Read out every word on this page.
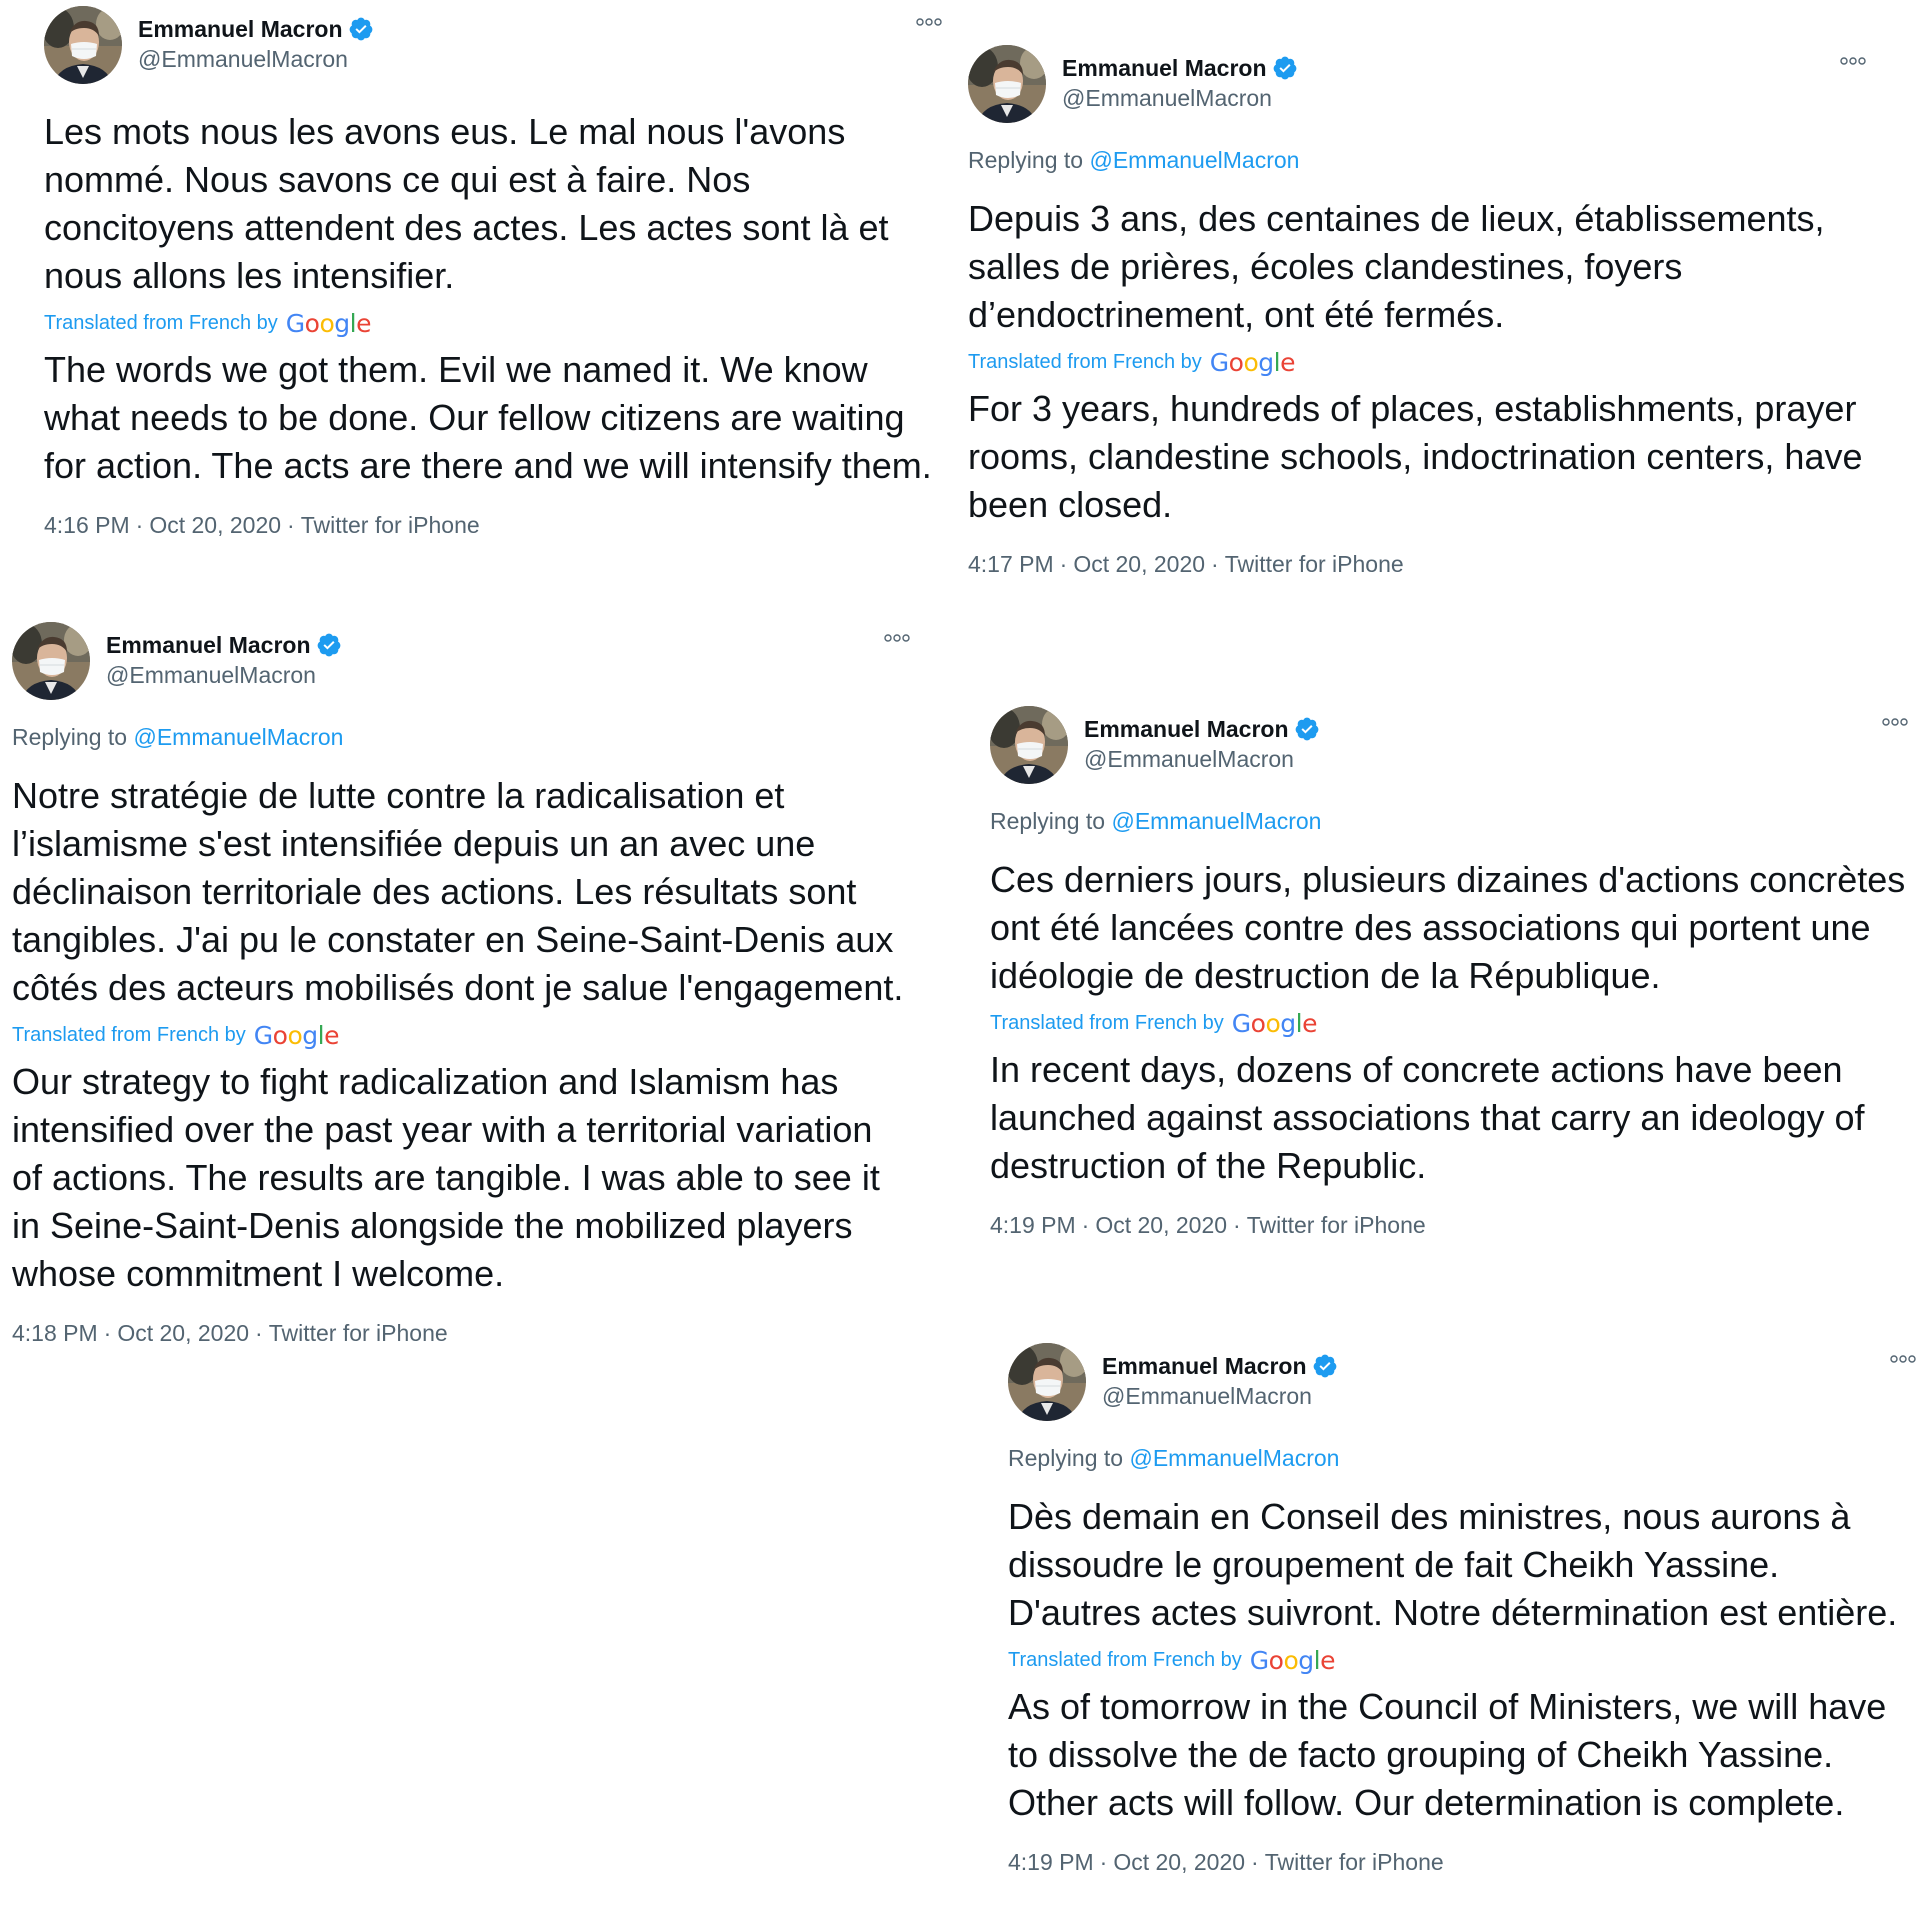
Emmanuel Macron
@EmmanuelMacron
Les mots nous les avons eus. Le mal nous l'avons nommé. Nous savons ce qui est à faire. Nos concitoyens attendent des actes. Les actes sont là et nous allons les intensifier.
Translated from French by Google
The words we got them. Evil we named it. We know what needs to be done. Our fellow citizens are waiting for action. The acts are there and we will intensify them.
4:16 PM · Oct 20, 2020 · Twitter for iPhone
Emmanuel Macron
@EmmanuelMacron
Replying to @EmmanuelMacron
Depuis 3 ans, des centaines de lieux, établissements, salles de prières, écoles clandestines, foyers d’endoctrinement, ont été fermés.
Translated from French by Google
For 3 years, hundreds of places, establishments, prayer rooms, clandestine schools, indoctrination centers, have been closed.
4:17 PM · Oct 20, 2020 · Twitter for iPhone
Emmanuel Macron
@EmmanuelMacron
Replying to @EmmanuelMacron
Notre stratégie de lutte contre la radicalisation et l’islamisme s'est intensifiée depuis un an avec une déclinaison territoriale des actions. Les résultats sont tangibles. J'ai pu le constater en Seine-Saint-Denis aux côtés des acteurs mobilisés dont je salue l'engagement.
Translated from French by Google
Our strategy to fight radicalization and Islamism has intensified over the past year with a territorial variation of actions. The results are tangible. I was able to see it in Seine-Saint-Denis alongside the mobilized players whose commitment I welcome.
4:18 PM · Oct 20, 2020 · Twitter for iPhone
Emmanuel Macron
@EmmanuelMacron
Replying to @EmmanuelMacron
Ces derniers jours, plusieurs dizaines d'actions concrètes ont été lancées contre des associations qui portent une idéologie de destruction de la République.
Translated from French by Google
In recent days, dozens of concrete actions have been launched against associations that carry an ideology of destruction of the Republic.
4:19 PM · Oct 20, 2020 · Twitter for iPhone
Emmanuel Macron
@EmmanuelMacron
Replying to @EmmanuelMacron
Dès demain en Conseil des ministres, nous aurons à dissoudre le groupement de fait Cheikh Yassine. D'autres actes suivront. Notre détermination est entière.
Translated from French by Google
As of tomorrow in the Council of Ministers, we will have to dissolve the de facto grouping of Cheikh Yassine. Other acts will follow. Our determination is complete.
4:19 PM · Oct 20, 2020 · Twitter for iPhone
